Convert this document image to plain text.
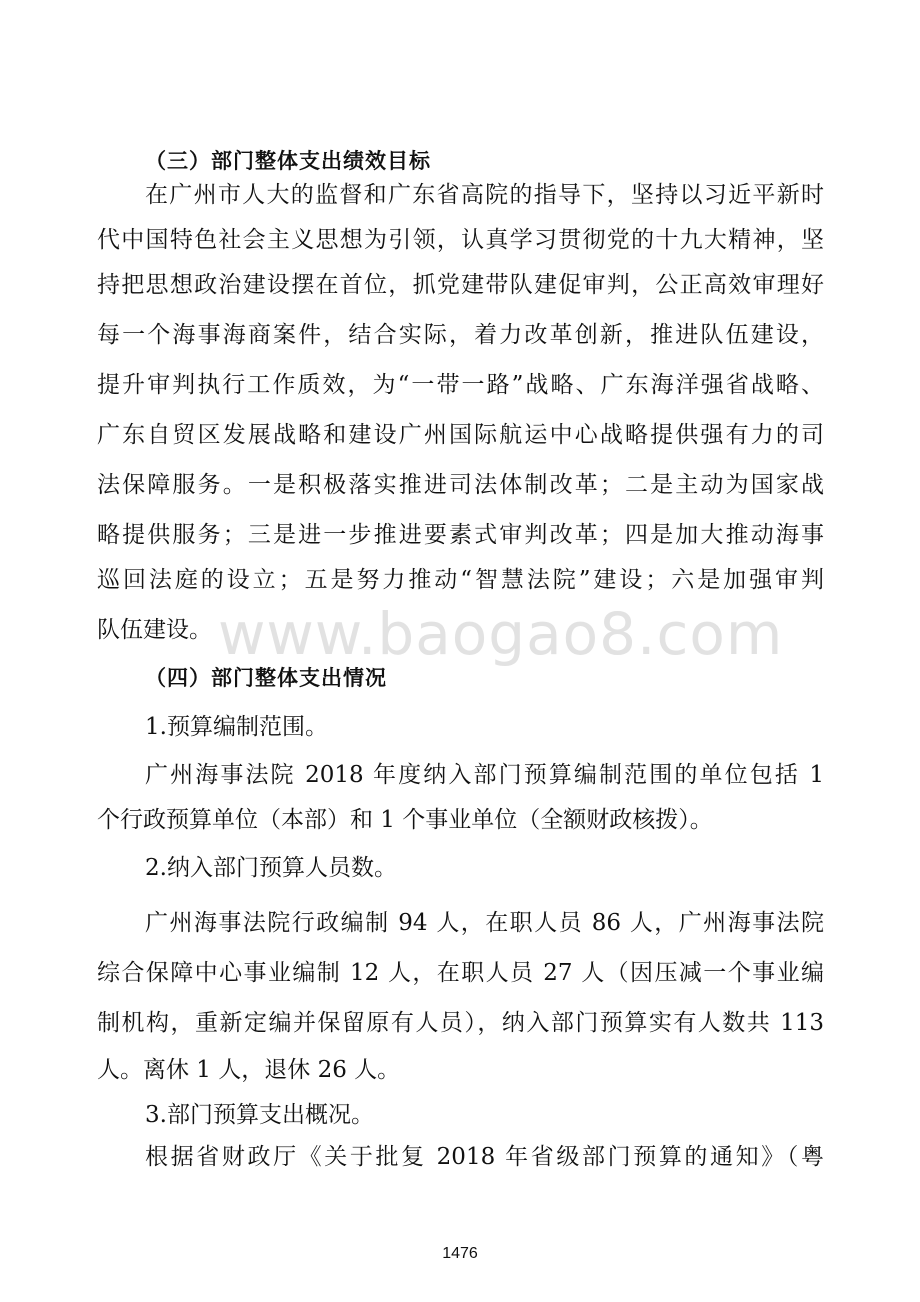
（三）部门整体支出绩效目标
在广州市人大的监督和广东省高院的指导下，坚持以习近平新时
代中国特色社会主义思想为引领，认真学习贯彻党的十九大精神，坚
持把思想政治建设摆在首位，抓党建带队建促审判，公正高效审理好
每一个海事海商案件，结合实际，着力改革创新，推进队伍建设，
提升审判执行工作质效，为“一带一路”战略、广东海洋强省战略、
广东自贸区发展战略和建设广州国际航运中心战略提供强有力的司
法保障服务。一是积极落实推进司法体制改革；二是主动为国家战
略提供服务；三是进一步推进要素式审判改革；四是加大推动海事
巡回法庭的设立；五是努力推动“智慧法院”建设；六是加强审判
队伍建设。 www.baogao8.com
（四）部门整体支出情况
1.预算编制范围。
广州海事法院 2018 年度纳入部门预算编制范围的单位包括 1
个行政预算单位（本部）和 1 个事业单位（全额财政核拨）。
2.纳入部门预算人员数。
广州海事法院行政编制 94 人，在职人员 86 人，广州海事法院
综合保障中心事业编制 12 人，在职人员 27 人（因压减一个事业编
制机构，重新定编并保留原有人员），纳入部门预算实有人数共 113
人。离休 1 人，退休 26 人。
3.部门预算支出概况。
根据省财政厅《关于批复 2018 年省级部门预算的通知》（粤
1476
